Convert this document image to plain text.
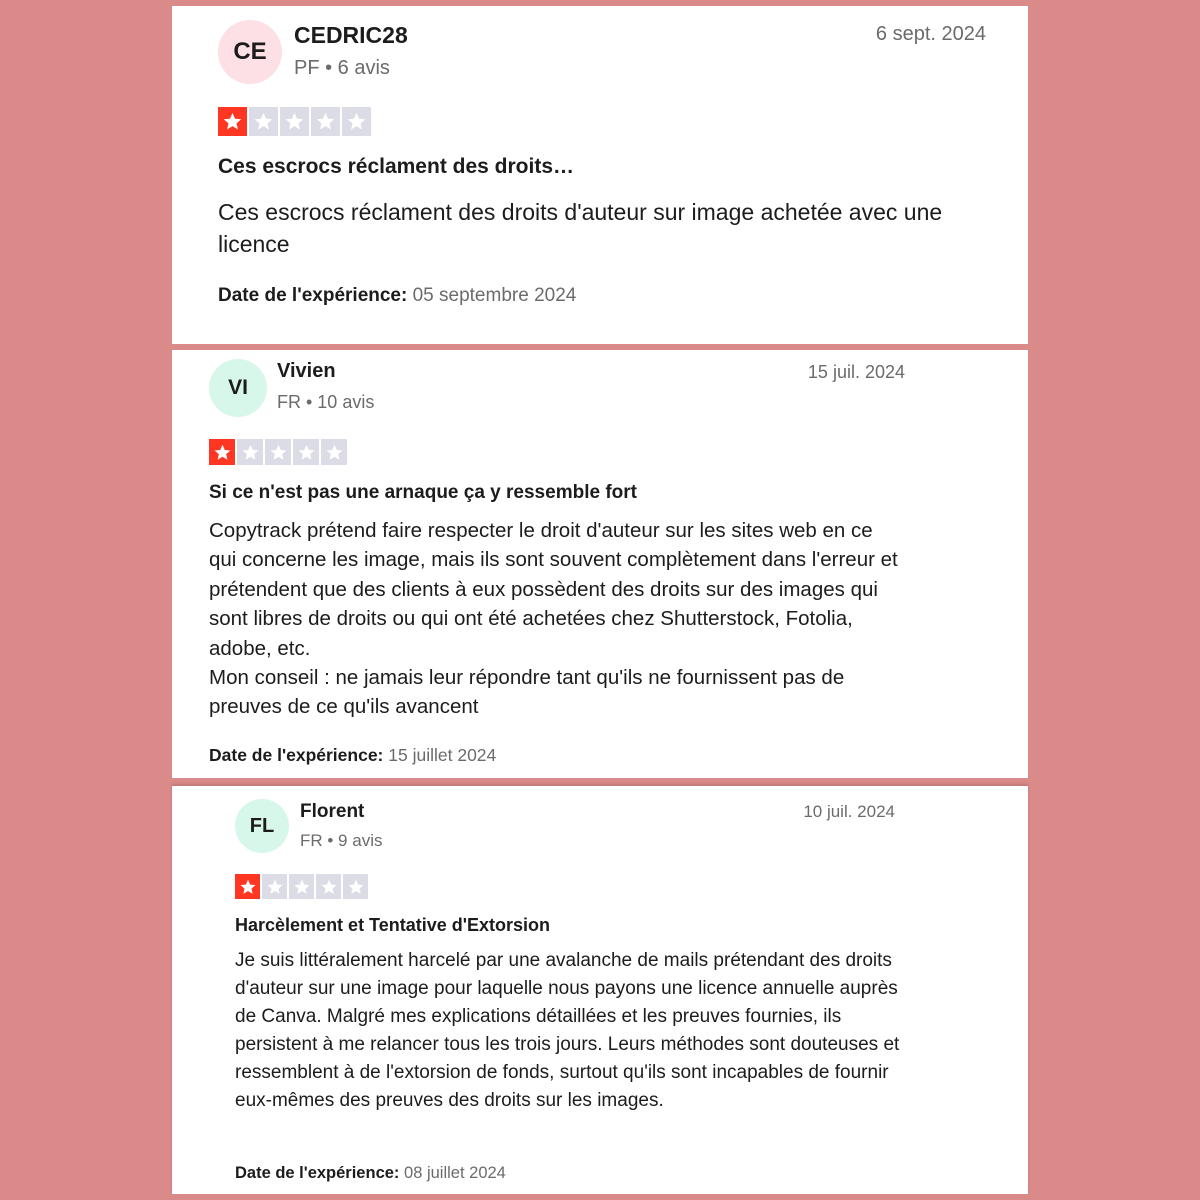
CE
CEDRIC28
PF • 6 avis
6 sept. 2024
Ces escrocs réclament des droits…

Ces escrocs réclament des droits d'auteur sur image achetée avec une licence

Date de l'expérience: 05 septembre 2024
VI
Vivien
FR • 10 avis
15 juil. 2024
Si ce n'est pas une arnaque ça y ressemble fort

Copytrack prétend faire respecter le droit d'auteur sur les sites web en ce qui concerne les image, mais ils sont souvent complètement dans l'erreur et prétendent que des clients à eux possèdent des droits sur des images qui sont libres de droits ou qui ont été achetées chez Shutterstock, Fotolia, adobe, etc.

Mon conseil : ne jamais leur répondre tant qu'ils ne fournissent pas de preuves de ce qu'ils avancent

Date de l'expérience: 15 juillet 2024
FL
Florent
FR • 9 avis
10 juil. 2024
Harcèlement et Tentative d'Extorsion

Je suis littéralement harcelé par une avalanche de mails prétendant des droits d'auteur sur une image pour laquelle nous payons une licence annuelle auprès de Canva. Malgré mes explications détaillées et les preuves fournies, ils persistent à me relancer tous les trois jours. Leurs méthodes sont douteuses et ressemblent à de l'extorsion de fonds, surtout qu'ils sont incapables de fournir eux-mêmes des preuves des droits sur les images.

Date de l'expérience: 08 juillet 2024
